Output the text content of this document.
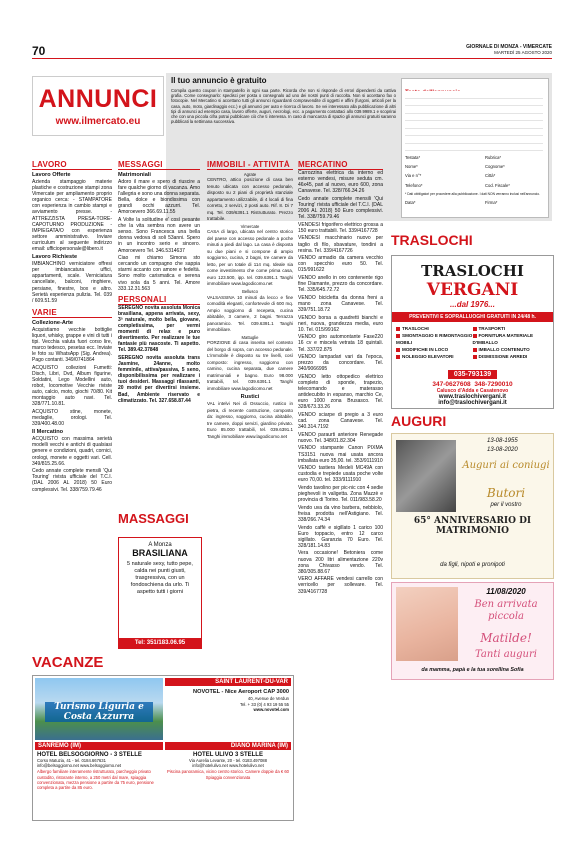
70	GIORNALE DI MONZA - VIMERCATE
MARTEDÌ 25 AGOSTO 2020
ANNUNCI
www.ilmercato.eu
Il tuo annuncio è gratuito
Compila questo coupon in stampatello in ogni sua parte. Ricorda che non si risponde di errori dipendenti da cattiva grafia. Come consegnarlo: spedisci per posta o consegnalo ad uno dei nostri punti di raccolta. Non si accettano fax o fotocopie. Nel Mercatino si accettano tutti gli annunci riguardanti compravendite di oggetti e affini (furgoni, articoli per la casa, auto, moto, giardinaggio ecc.) e gli annunci per auto e ricerca di lavoro. Se vei interessato alla pubblicazione di altri tipi di annunci ad esempio casa, lavoro offerte, auguri, necrologi, ecc. a pagamento contattaci allo 039.9989.1 e scoprirai che con una piccola cifra potrai pubblicare ciò che ti interessa. In caso di mancanza di spazio gli annunci gratuiti saranno pubblicati la settimana successiva.
Testata*	Rubrica*
Nome*	Cognome*
Via e n°*	Città*
Telefono*	Cod. Fiscale*
* Dati obbligatori per procedere alla pubblicazione. I dati NON verranno inclusi nell'annuncio.
Data*	Firma*
LAVORO
Lavoro Offerte

Azienda stampaggio materie plastiche e costruzione stampi zona Vimercate per ampliamento proprio organico cerca: - STAMPATORE con esperienza in cambio stampi e avviamento presse. - ATTREZZISTA PRESA-TORE-CAPOTURNO PRODUZIONE - IMPIEGATA/O con esperienza settore amministrativo. Inviare curriculum al seguente indirizzo email: ufficiopersonale@libero.it

Lavoro Richieste

IMBIANCHINO verniciatore offresi per imbiancatura uffici, appartamenti, scale. Verniciatura cancellate, balconi, ringhiere, persiane, finestre, box e altro. Serietà esperienza pulizia. Tel. 039 / 609.51.59

VARIE
Collezione-Arte

Acquistiamo vecchie bottiglie liquori, whisky, grappe e vini di tutti i tipi. Vecchia valuta fuori corso lire, marco tedesco, pesetas ecc. Inviate le foto su WhatsApp (Sig. Andrea). Pago contanti. 349/0741864

ACQUISTO collezioni Fumetti: Disch, Libri, Dvd, Album figurine, Soldatini, Lego Modellini auto, robot, locomotive Vecchie riviste auto, calcio, moto, giochi 70/80. Kit montaggio auto navi. Tel. 328/771.10.81.

ACQUISTO stine, monete, medaglie, orologi. Tel. 339/400.48.00

Il Mercatino

ACQUISTO con massima serietà modelli vecchi e antichi di qualsiasi genere e condizioni, quadri, cornici, orologi, monete e oggetti vari. Cell. 349/815.25.66.

Cedo annate complete mensili 'Qui Touring' rivista ufficiale del T.C.I. (DAL 2006 AL 2018) 50 Euro complessivi. Tel. 338/759.79.46

MESSAGGI
Matrimoniali

Adoro il mare e spero di riuscire a fare qualche giorno di vacanza. Amo l'allegria e sono una donna separata. Bella, dolce e biondissima con grandi occhi azzurri. Tel. Amoroevero 366.69.11.55

A Volte la solitudine e' così pesante che la vita sembra non avere un senso. Sono Francesca una bella donna vedova di soli 53anni. Spero in un incontro serio e sincero. Amoroevero Tel. 346.5314637

Ciao mi chiamo Simona sto cercando un compagno che sappia starmi accanto con amore e fedeltà. Sono molto carismatica e serena vivo sola da 5 anni. Tel. Amore 333.12.31.563

PERSONALI

SEREGNO novita assoluta Monica brasiliana, appena arrivata, sexy, 3ª naturale, molto bella, giovane, completissima, per vermi momenti di relax e puro divertimento. Per realizzare le tue fantasie più nascoste. Ti aspetto. Tel. 389.42.37848

SEREGNO novita assoluta trans Jasmine, 24anne, molto femminile, attiva/passiva, 5 seno, disponibilissima per realizzare i tuoi desideri. Massaggi rilassanti, 20 motivi per divertirsi insieme. Bad, Ambiente riservato e climatizzato. Tel. 327.658.87.44

MASSAGGI
A Monza
BRASILIANA
5 naturale sexy, tutto pepe, calda nei punti giusti, trasgressiva, con un fondoschiena da urlo. Ti aspetto tutti i giorni
Tel: 351/183.06.95
IMMOBILI - ATTIVITÀ
Agrate

CENTRO, attico posizione di casa ben tenuto ubicata con accesso pedonale, disposto su 2 piani di proprietà stanziale appartamento utilizzabile, di 4 locali di fina corretto, 2 servizi, 2 posti auto. Rif. 8. Di 7 mq. Tel. 039/6391.1 Ristrutturato. Prezzo trattabile.

Vimercate

CASA di largo, ubicata nel centro storico del paese con accesso pedonale a poche minuti a piedi dal lago. La casa è disposta su due piani e si compone di ampio soggiorno, cucina, 2 bagni, tre camere da letto, per un totale di 114 mq. Ideale sia come investimento che come prima casa, euro 123.500, ipp. tel. 039.6391.1 Tanghi immobiliare www.lagodicomo.net

Bellusco

VALSASSINA 10 minuti da lecco e fine comodità eleganti, confortevole di 600 mq. Ampio soggiorno di recepeta, cucina abitabile, 3 camere, 2 bagni. Terrazza panoramico. Tel. 039.6391.1 Tanghi immobiliare.

Mattuglie

PORZIONE di casa inserita nel contesto del borgo di sopra, con accesso pedonale. L'immobile è disposto su tre livelli, così composto: ingresso, soggiorno con camino, cucina separata, due camere matrimoniali e bagno. Euro 98.000 trattabili, tel. 039.6391.1 Tanghi immobiliare www.lagodicomo.net

Rustici

VAL intelvi Nei di Ossuccio, rustico in pietra, di recente costruzione, composto da: ingresso, soggiorno, cucina abitabile, tre camere, doppi servizi, giardino privato. Euro 85.000 trattabili, tel. 039.6391.1 Tanghi immobiliare www.lagodicomo.net

MERCATINO

Carrozzina elettrica da interno ed esterno vendesi, misure seduta cm. 46x45, pari al nuovo, euro 600, zona Canavese. Tel. 328/766.34.26

Cedo annate complete mensili 'Qui Touring' rivista ufficiale del T.C.I. (DAL 2006 AL 2018) 50 Euro complessivi. Tel. 338/759.79.46

VENDESI frigorifero elettrico grossa a 150 euro trattabili. Tel. 339/4167728

VENDESI macchinario nuovo per taglio di filo, sbavature, tondini a resina. Tel. 339/4167726

VENDO armadio da camera vecchio con specchio euro 50. Tel. 015/991622

VENDO anello in oro contenente rigo fine Diamante, prezzo da concordare. Tel. 335/645.72.72

VENDO bicicletta da donna freni a mano zona Canavese. Tel. 339/751.18.72

VENDO borsa a quadretti bianchi e neri, nuova, grandezza media, euro 10. Tel. 015/99162

VENDO giro automontante Fase220 16 cv e miscela vetrata 18 quintali. Tel. 337/22.875

VENDO lampadari vari da l'epoca, prezzo da concordare. Tel. 340/9066995

VENDO letto ottopedico elettrico completo di sponde, trapezio, telecomando e materasso antidecubito in espanso, marchio Ce, euro 1000 zona Brusasco. Tel. 328/673.33.26

VENDO sciarpe di pregio a 3 euro cad. zona Canavese. Tel. 340.314.7192

VENDO paraurti anteriore Renegade nuovo. Tel. 348/01.82.304

VENDO stampante Canon PIXMA TS3151 nuova mai usata ancora imballata euro 35,00. tel. 353/9111910

VENDO tastiera Medeli MC49A con custodia e trepiede usata poche volte euro 70,00. tel. 333/9111910

Vendo tavolino per pic-nic con 4 sedie pieghevoli in valigetta. Zona Mazzè e provincia di Torino. Tel. 011/983.58.20

Vendo uva da vino barbera, nebbiolo, freisa prodotta nell'Astigiano. Tel. 338/266.74.34

Vendo caffè e sigillato 1 carico 100 Euro toppacio, entro 12 carco sigillato. Garanzia 70 Euro. Tel. 328/181.14.83

Vera occasione! Betoniera come nuova 200 litri alimentazione 220v zona Chivasso vendo. Tel. 380/305.88.67

VERO AFFARE vendesi carrello con verricello per sollevare. Tel. 339/4167728

TRASLOCHI
TRASLOCHI
VERGANI
...dal 1976...
PREVENTIVI E SOPRALLUOGHI GRATUITI IN 24/48 h.
TRASLOCHI
SMONTAGGIO E RIMONTAGGIO MOBILI
MODIFICHE IN LOCO
NOLEGGIO ELEVATORI
TRASPORTI
FORNITURA MATERIALE D'IMBALLO
IMBALLO CONTENUTO
DISMISSIONE ARREDI
035-793139
347-0627608 348-7290010
Calusco d'Adda e Casatenovo
www.traslochivergani.it
info@traslochivergani.it
AUGURI
13-08-1955
13-08-2020
Auguri ai coniugi
Butori
per il vostro
65° ANNIVERSARIO DI MATRIMONIO
da figli, nipoti e pronipoti
11/08/2020
Ben arrivata piccola
Matilde!
Tanti auguri
da mamma, papà e la tua sorellina Sofia
VACANZE
Turismo Liguria e Costa Azzurra
SANREMO (IM)
HOTEL BELSOGGIORNO - 3 STELLE
Corso Matuzia, 41 - tel. 0184.667631
info@belsoggiorno.net www.belsoggiorno.net
Albergo familiare interamente ristrutturato, parcheggio privato custodito, ristorante interno, a 250 metri dal mare, spiaggia convenzionata, mezza pensione a partire da 75 euro, pensione completa a partire da 85 euro.
SAINT LAURENT-DU-VAR
NOVOTEL - Nice Aeroport CAP 3000
40, Avenue de Verdun
Tel. + 33 (0) 4 93 19 55 55
www.novotel.com
DIANO MARINA (IM)
HOTEL ULIVO 3 STELLE
Via Aurelia Levante, 20 - tel. 0183.497088
info@hotelulivo.net www.hotelulivo.net
Piscina panoramica, vicino centro storico. Camere doppie da € 60 Spiaggia convenzionata
